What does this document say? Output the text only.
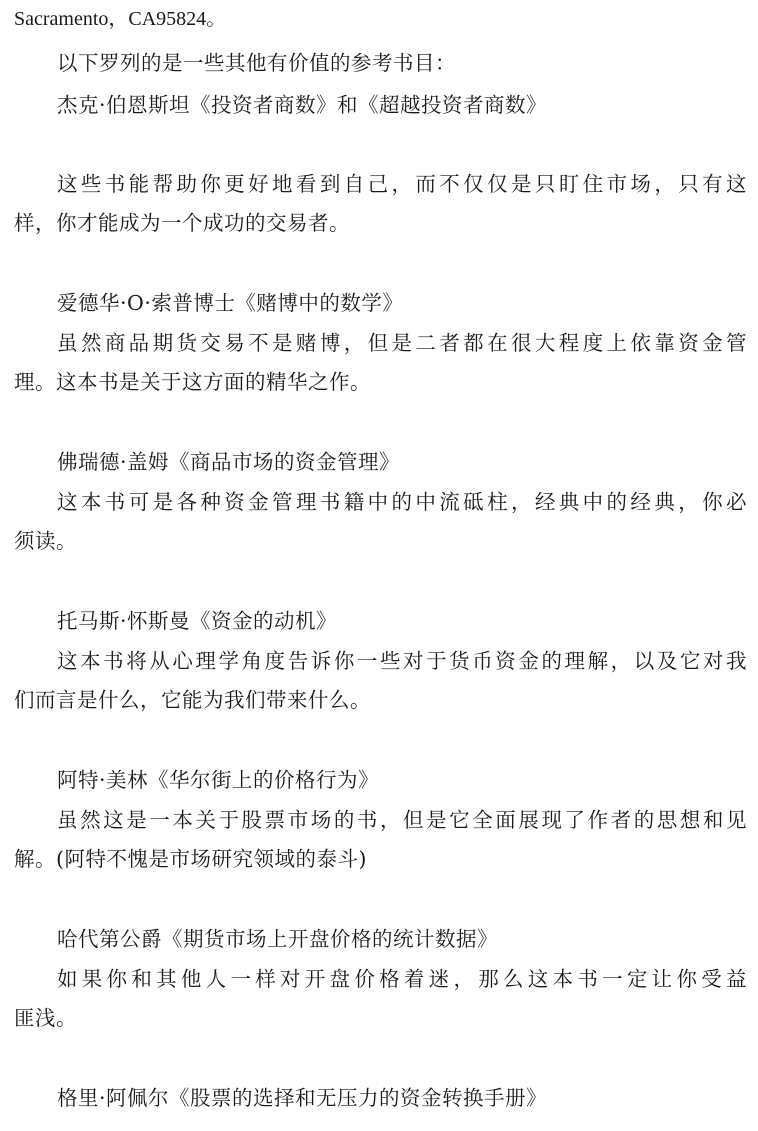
Sacramento，CA95824。
以下罗列的是一些其他有价值的参考书目：
杰克·伯恩斯坦《投资者商数》和《超越投资者商数》
这些书能帮助你更好地看到自己，而不仅仅是只盯住市场，只有这
样，你才能成为一个成功的交易者。
爱德华·O·索普博士《赌博中的数学》
虽然商品期货交易不是赌博，但是二者都在很大程度上依靠资金管
理。这本书是关于这方面的精华之作。
佛瑞德·盖姆《商品市场的资金管理》
这本书可是各种资金管理书籍中的中流砥柱，经典中的经典，你必
须读。
托马斯·怀斯曼《资金的动机》
这本书将从心理学角度告诉你一些对于货币资金的理解，以及它对我
们而言是什么，它能为我们带来什么。
阿特·美林《华尔街上的价格行为》
虽然这是一本关于股票市场的书，但是它全面展现了作者的思想和见
解。(阿特不愧是市场研究领域的泰斗)
哈代第公爵《期货市场上开盘价格的统计数据》
如果你和其他人一样对开盘价格着迷，那么这本书一定让你受益
匪浅。
格里·阿佩尔《股票的选择和无压力的资金转换手册》
